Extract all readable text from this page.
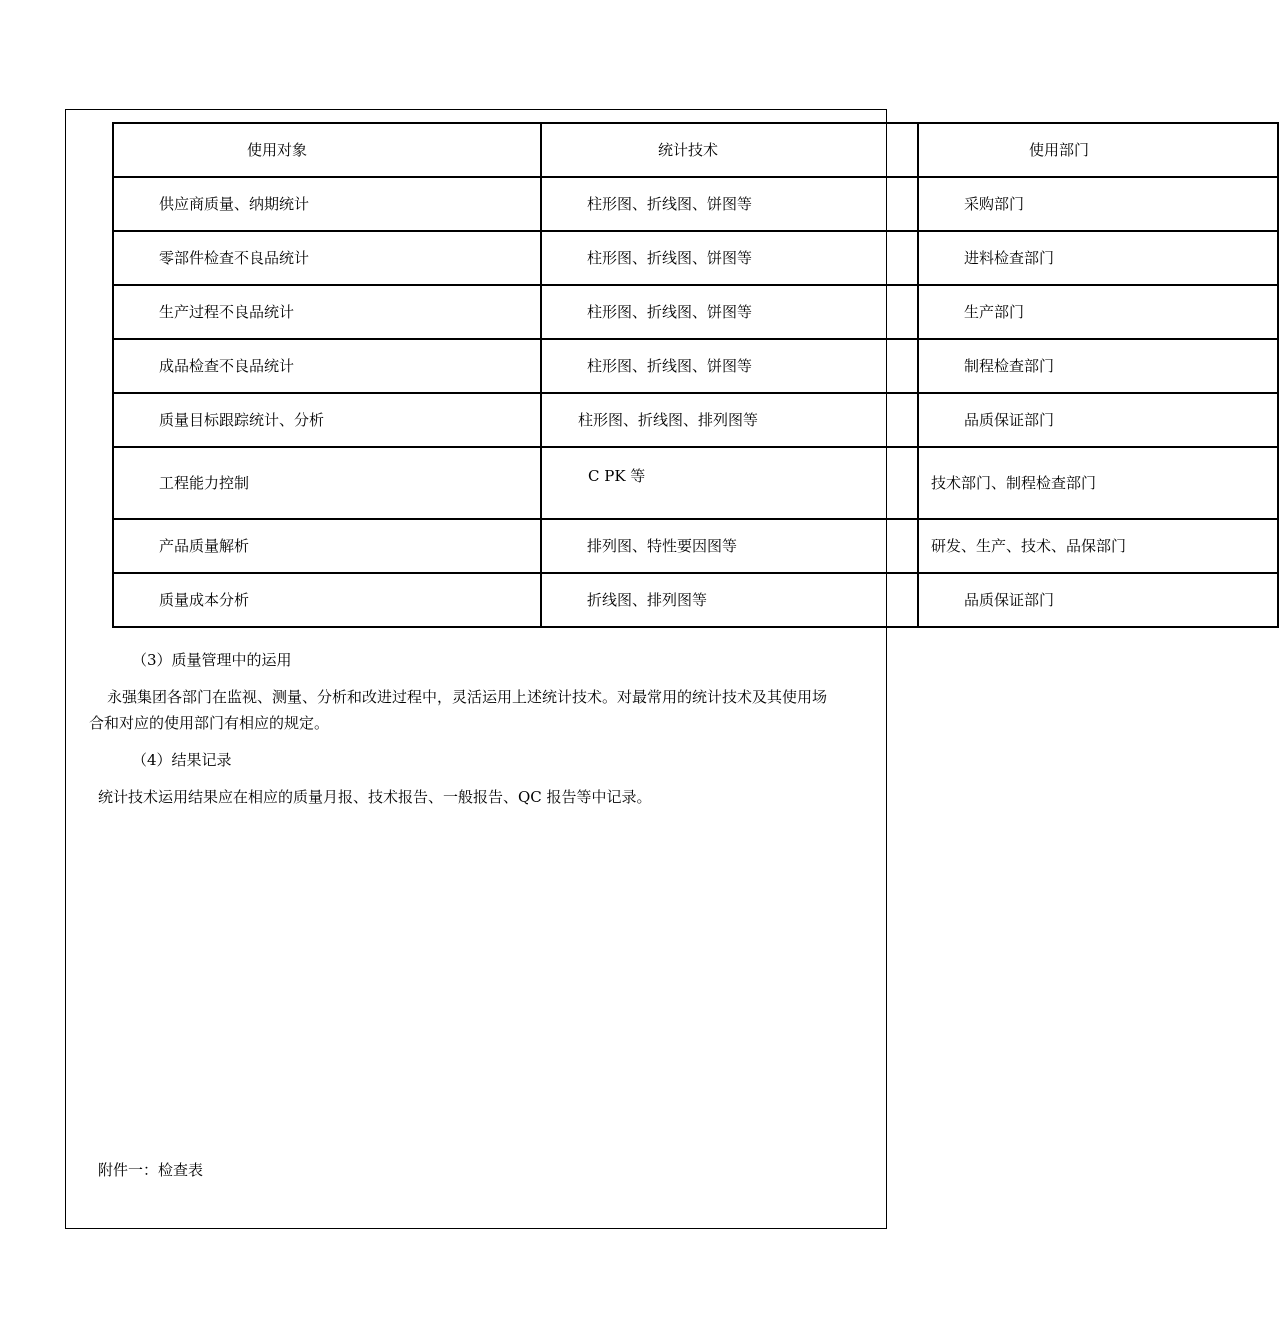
使用对象	统计技术	使用部门
供应商质量、纳期统计	柱形图、折线图、饼图等	采购部门
零部件检查不良品统计	柱形图、折线图、饼图等	进料检查部门
生产过程不良品统计	柱形图、折线图、饼图等	生产部门
成品检查不良品统计	柱形图、折线图、饼图等	制程检查部门
质量目标跟踪统计、分析	柱形图、折线图、排列图等	品质保证部门
工程能力控制	C PK 等	技术部门、制程检查部门
产品质量解析	排列图、特性要因图等	研发、生产、技术、品保部门
质量成本分析	折线图、排列图等	品质保证部门
（3）质量管理中的运用
永强集团各部门在监视、测量、分析和改进过程中，灵活运用上述统计技术。对最常用的统计技术及其使用场
合和对应的使用部门有相应的规定。
（4）结果记录
统计技术运用结果应在相应的质量月报、技术报告、一般报告、QC 报告等中记录。
附件一：检查表
